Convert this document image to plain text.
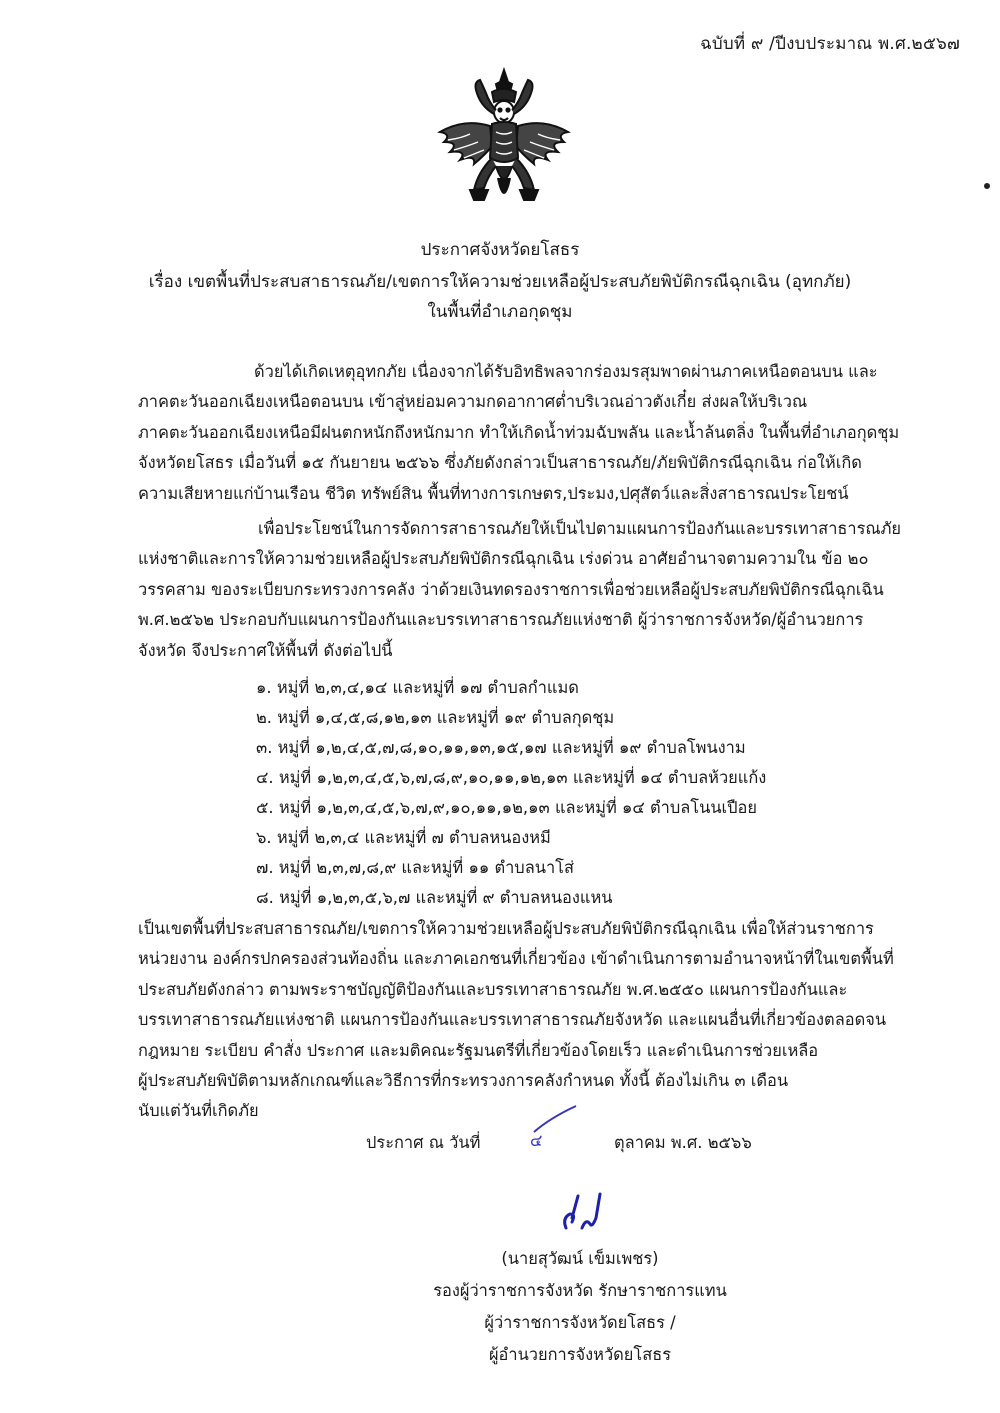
ฉบับที่ ๙ /ปีงบประมาณ พ.ศ.๒๕๖๗
ประกาศจังหวัดยโสธร
เรื่อง เขตพื้นที่ประสบสาธารณภัย/เขตการให้ความช่วยเหลือผู้ประสบภัยพิบัติกรณีฉุกเฉิน (อุทกภัย)
ในพื้นที่อำเภอกุดชุม
ด้วยได้เกิดเหตุอุทกภัย เนื่องจากได้รับอิทธิพลจากร่องมรสุมพาดผ่านภาคเหนือตอนบน และ
ภาคตะวันออกเฉียงเหนือตอนบน เข้าสู่หย่อมความกดอากาศต่ำบริเวณอ่าวตังเกี๋ย ส่งผลให้บริเวณ
ภาคตะวันออกเฉียงเหนือมีฝนตกหนักถึงหนักมาก ทำให้เกิดน้ำท่วมฉับพลัน และน้ำล้นตลิ่ง ในพื้นที่อำเภอกุดชุม
จังหวัดยโสธร เมื่อวันที่ ๑๕ กันยายน ๒๕๖๖ ซึ่งภัยดังกล่าวเป็นสาธารณภัย/ภัยพิบัติกรณีฉุกเฉิน ก่อให้เกิด
ความเสียหายแก่บ้านเรือน ชีวิต ทรัพย์สิน พื้นที่ทางการเกษตร,ประมง,ปศุสัตว์และสิ่งสาธารณประโยชน์
เพื่อประโยชน์ในการจัดการสาธารณภัยให้เป็นไปตามแผนการป้องกันและบรรเทาสาธารณภัย
แห่งชาติและการให้ความช่วยเหลือผู้ประสบภัยพิบัติกรณีฉุกเฉิน เร่งด่วน อาศัยอำนาจตามความใน ข้อ ๒๐
วรรคสาม ของระเบียบกระทรวงการคลัง ว่าด้วยเงินทดรองราชการเพื่อช่วยเหลือผู้ประสบภัยพิบัติกรณีฉุกเฉิน
พ.ศ.๒๕๖๒ ประกอบกับแผนการป้องกันและบรรเทาสาธารณภัยแห่งชาติ ผู้ว่าราชการจังหวัด/ผู้อำนวยการ
จังหวัด จึงประกาศให้พื้นที่ ดังต่อไปนี้
๑. หมู่ที่ ๒,๓,๔,๑๔ และหมู่ที่ ๑๗ ตำบลกำแมด
๒. หมู่ที่ ๑,๔,๕,๘,๑๒,๑๓ และหมู่ที่ ๑๙ ตำบลกุดชุม
๓. หมู่ที่ ๑,๒,๔,๕,๗,๘,๑๐,๑๑,๑๓,๑๕,๑๗ และหมู่ที่ ๑๙ ตำบลโพนงาม
๔. หมู่ที่ ๑,๒,๓,๔,๕,๖,๗,๘,๙,๑๐,๑๑,๑๒,๑๓ และหมู่ที่ ๑๔ ตำบลห้วยแก้ง
๕. หมู่ที่ ๑,๒,๓,๔,๕,๖,๗,๙,๑๐,๑๑,๑๒,๑๓ และหมู่ที่ ๑๔ ตำบลโนนเปือย
๖. หมู่ที่ ๒,๓,๔ และหมู่ที่ ๗ ตำบลหนองหมี
๗. หมู่ที่ ๒,๓,๗,๘,๙ และหมู่ที่ ๑๑ ตำบลนาโส่
๘. หมู่ที่ ๑,๒,๓,๕,๖,๗ และหมู่ที่ ๙ ตำบลหนองแหน
เป็นเขตพื้นที่ประสบสาธารณภัย/เขตการให้ความช่วยเหลือผู้ประสบภัยพิบัติกรณีฉุกเฉิน เพื่อให้ส่วนราชการ
หน่วยงาน องค์กรปกครองส่วนท้องถิ่น และภาคเอกชนที่เกี่ยวข้อง เข้าดำเนินการตามอำนาจหน้าที่ในเขตพื้นที่
ประสบภัยดังกล่าว ตามพระราชบัญญัติป้องกันและบรรเทาสาธารณภัย พ.ศ.๒๕๕๐ แผนการป้องกันและ
บรรเทาสาธารณภัยแห่งชาติ แผนการป้องกันและบรรเทาสาธารณภัยจังหวัด และแผนอื่นที่เกี่ยวข้องตลอดจน
กฎหมาย ระเบียบ คำสั่ง ประกาศ และมติคณะรัฐมนตรีที่เกี่ยวข้องโดยเร็ว และดำเนินการช่วยเหลือ
ผู้ประสบภัยพิบัติตามหลักเกณฑ์และวิธีการที่กระทรวงการคลังกำหนด ทั้งนี้ ต้องไม่เกิน ๓ เดือน
นับแต่วันที่เกิดภัย
ประกาศ ณ วันที่	๔	ตุลาคม พ.ศ. ๒๕๖๖
(นายสุวัฒน์ เข็มเพชร)
รองผู้ว่าราชการจังหวัด รักษาราชการแทน
ผู้ว่าราชการจังหวัดยโสธร /
ผู้อำนวยการจังหวัดยโสธร
